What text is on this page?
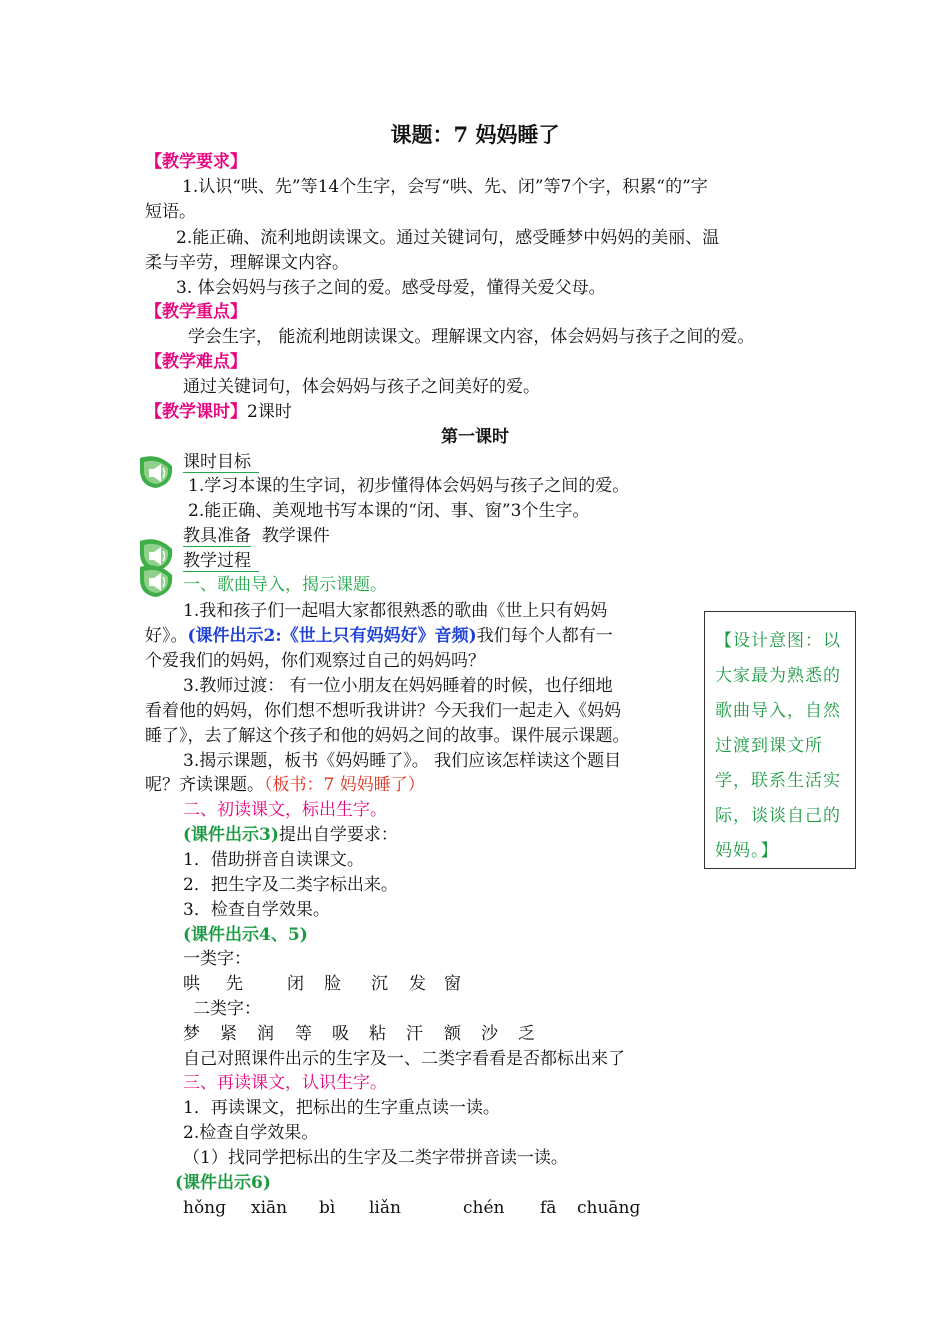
课题：7 妈妈睡了
【教学要求】
1.认识“哄、先”等14个生字，会写“哄、先、闭”等7个字，积累“的”字
短语。
2.能正确、流利地朗读课文。通过关键词句，感受睡梦中妈妈的美丽、温
柔与辛劳，理解课文内容。
3. 体会妈妈与孩子之间的爱。感受母爱，懂得关爱父母。
【教学重点】
学会生字， 能流利地朗读课文。理解课文内容，体会妈妈与孩子之间的爱。
【教学难点】
通过关键词句，体会妈妈与孩子之间美好的爱。
【教学课时】2课时
第一课时
课时目标
1.学习本课的生字词，初步懂得体会妈妈与孩子之间的爱。
2.能正确、美观地书写本课的“闭、事、窗”3个生字。
教具准备 教学课件
教学过程
一、歌曲导入，揭示课题。
1.我和孩子们一起唱大家都很熟悉的歌曲《世上只有妈妈
好》。(课件出示2:《世上只有妈妈好》音频)我们每个人都有一
个爱我们的妈妈，你们观察过自己的妈妈吗？
3.教师过渡： 有一位小朋友在妈妈睡着的时候，也仔细地
看着他的妈妈，你们想不想听我讲讲？今天我们一起走入《妈妈
睡了》，去了解这个孩子和他的妈妈之间的故事。课件展示课题。
3.揭示课题，板书《妈妈睡了》。 我们应该怎样读这个题目
呢？齐读课题。（板书：7 妈妈睡了）
二、初读课文，标出生字。
(课件出示3)提出自学要求：
1．借助拼音自读课文。
2．把生字及二类字标出来。
3．检查自学效果。
(课件出示4、5)
一类字：
哄 先	闭 脸 沉 发 窗
二类字：
梦 紧 润 等 吸 粘 汗 额 沙 乏
自己对照课件出示的生字及一、二类字看看是否都标出来了
三、再读课文，认识生字。
1．再读课文，把标出的生字重点读一读。
2.检查自学效果。
（1）找同学把标出的生字及二类字带拼音读一读。
(课件出示6)
hǒnɡ xiān bì liǎn	chén fā chuānɡ
【设计意图：以大家最为熟悉的歌曲导入，自然过渡到课文所学，联系生活实际，谈谈自己的妈妈。】
